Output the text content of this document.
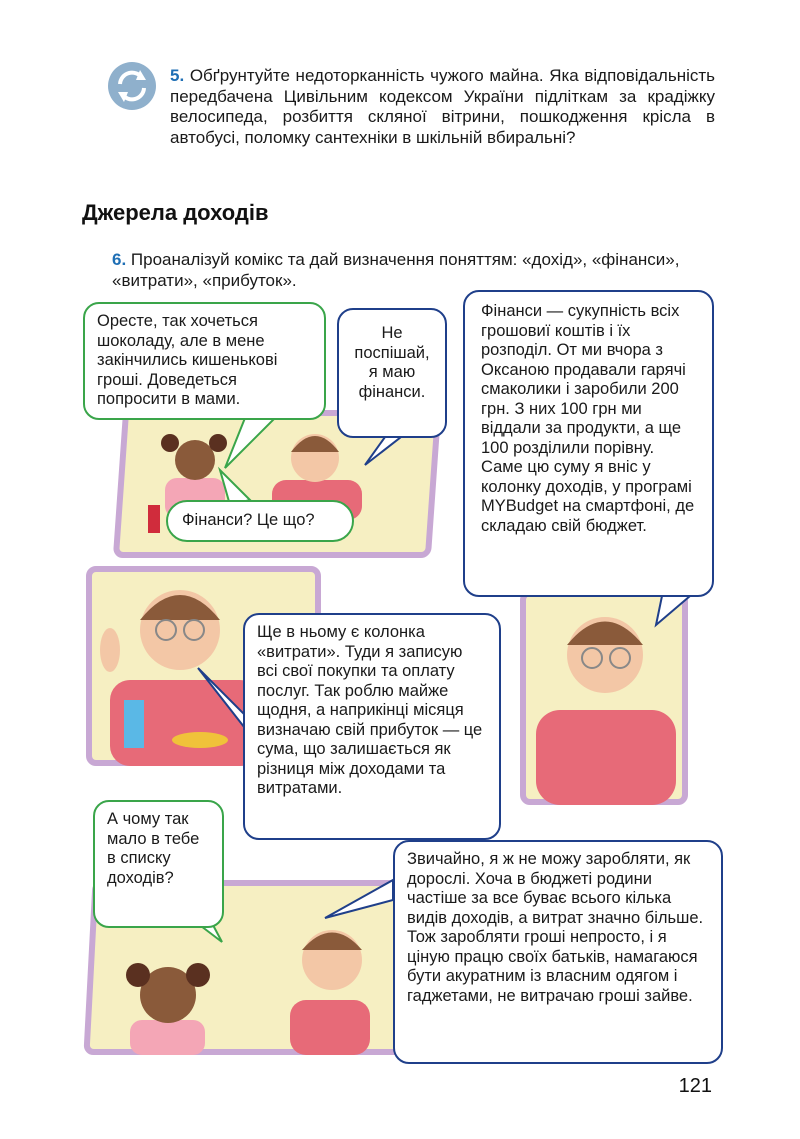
5. Обґрунтуйте недоторканність чужого майна. Яка відповідальність передбачена Цивільним кодексом України підліткам за крадіжку велосипеда, розбиття скляної вітрини, пошкодження крісла в автобусі, поломку сантехніки в шкільній вбиральні?
Джерела доходів
6. Проаналізуй комікс та дай визначення поняттям: «дохід», «фінанси», «витрати», «прибуток».
Оресте, так хочеться шоколаду, але в мене закінчились кишенькові гроші. Доведеться попросити в мами.
Не поспішай, я маю фінанси.
Фінанси? Це що?
Фінанси — сукупність всіх грошовиї коштів і їх розподіл. От ми вчора з Оксаною продавали гарячі смаколики і заробили 200 грн. З них 100 грн ми віддали за продукти, а ще 100 розділили порівну. Саме цю суму я вніс у колонку доходів, у програмі MYBudget на смартфоні, де складаю свій бюджет.
Ще в ньому є колонка «витрати». Туди я записую всі свої покупки та оплату послуг. Так роблю майже щодня, а наприкінці місяця визначаю свій прибуток — це сума, що залишається як різниця між доходами та витратами.
А чому так мало в тебе в списку доходів?
Звичайно, я ж не можу заробляти, як дорослі. Хоча в бюджеті родини частіше за все буває всього кілька видів доходів, а витрат значно більше. Тож заробляти гроші непросто, і я ціную працю своїх батьків, намагаюся бути акуратним із власним одягом і гаджетами, не витрачаю гроші зайве.
121
